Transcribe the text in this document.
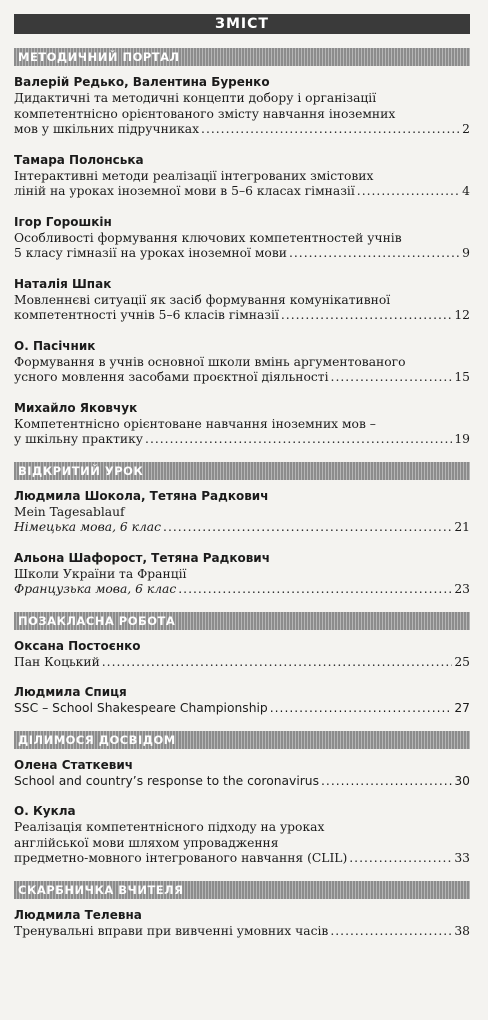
ЗМІСТ
МЕТОДИЧНИЙ ПОРТАЛ
Валерій Редько, Валентина Буренко
Дидактичні та методичні концепти добору і організації
компетентнісно орієнтованого змісту навчання іноземних
мов у шкільних підручниках .....	2
Тамара Полонська
Інтерактивні методи реалізації інтегрованих змістових
ліній на уроках іноземної мови в 5–6 класах гімназії .....	4
Ігор Горошкін
Особливості формування ключових компетентностей учнів
5 класу гімназії на уроках іноземної мови .....	9
Наталія Шпак
Мовленнєві ситуації як засіб формування комунікативної
компетентності учнів 5–6 класів гімназії .....	12
О. Пасічник
Формування в учнів основної школи вмінь аргументованого
усного мовлення засобами проєктної діяльності .....	15
Михайло Яковчук
Компетентнісно орієнтоване навчання іноземних мов –
у шкільну практику .....	19
ВІДКРИТИЙ УРОК
Людмила Шокола, Тетяна Радкович
Mein Tagesablauf
Німецька мова, 6 клас .....	21
Альона Шафорост, Тетяна Радкович
Школи України та Франції
Французька мова, 6 клас .....	23
ПОЗАКЛАСНА РОБОТА
Оксана Постоєнко
Пан Коцький .....	25
Людмила Спиця
SSC – School Shakespeare Championship .....	27
ДІЛИМОСЯ ДОСВІДОМ
Олена Статкевич
School and country’s response to the coronavirus .....	30
О. Кукла
Реалізація компетентнісного підходу на уроках
англійської мови шляхом упровадження
предметно-мовного інтегрованого навчання (CLIL) .....	33
СКАРБНИЧКА ВЧИТЕЛЯ
Людмила Телевна
Тренувальні вправи при вивченні умовних часів .....	38
